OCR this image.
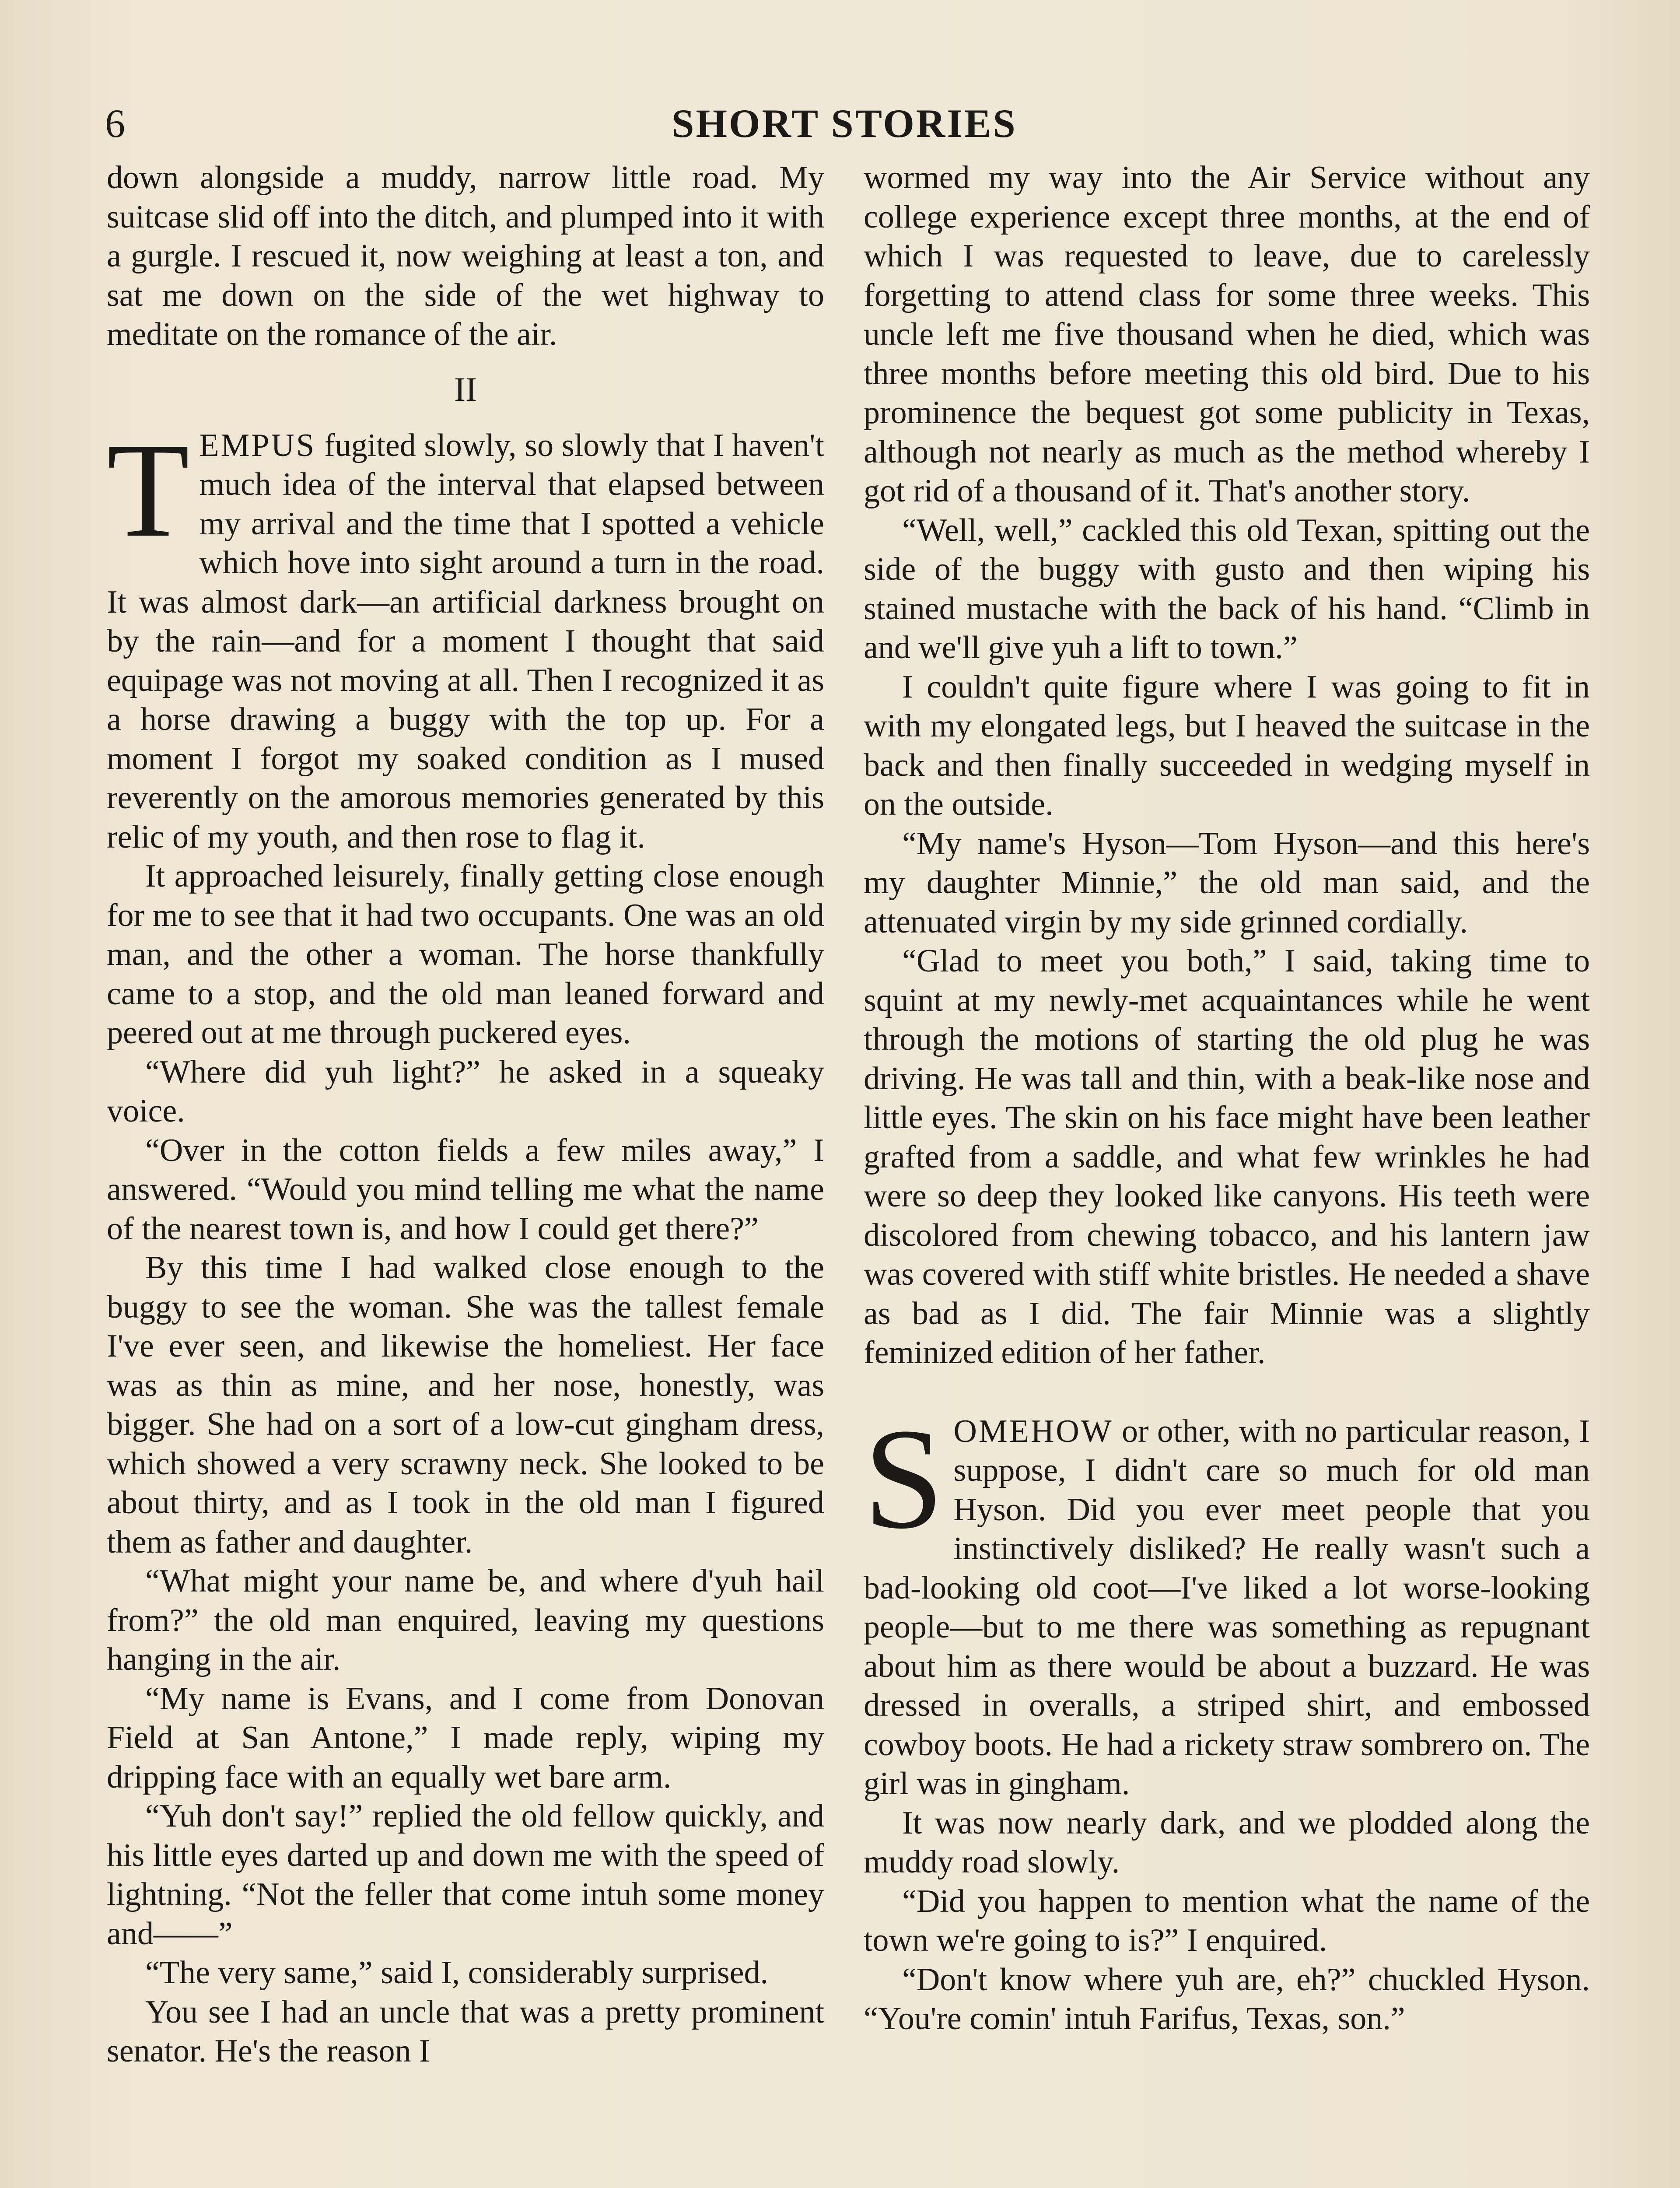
6	SHORT STORIES

down alongside a muddy, narrow little road. My suitcase slid off into the ditch, and plumped into it with a gurgle. I rescued it, now weighing at least a ton, and sat me down on the side of the wet highway to meditate on the romance of the air.

II

TEMPUS fugited slowly, so slowly that I haven't much idea of the interval that elapsed between my arrival and the time that I spotted a vehicle which hove into sight around a turn in the road. It was almost dark—an artificial darkness brought on by the rain—and for a moment I thought that said equipage was not moving at all. Then I recognized it as a horse drawing a buggy with the top up. For a moment I forgot my soaked condition as I mused reverently on the amorous memories generated by this relic of my youth, and then rose to flag it.

It approached leisurely, finally getting close enough for me to see that it had two occupants. One was an old man, and the other a woman. The horse thankfully came to a stop, and the old man leaned forward and peered out at me through puckered eyes.

“Where did yuh light?” he asked in a squeaky voice.

“Over in the cotton fields a few miles away,” I answered. “Would you mind telling me what the name of the nearest town is, and how I could get there?”

By this time I had walked close enough to the buggy to see the woman. She was the tallest female I've ever seen, and likewise the homeliest. Her face was as thin as mine, and her nose, honestly, was bigger. She had on a sort of a low-cut gingham dress, which showed a very scrawny neck. She looked to be about thirty, and as I took in the old man I figured them as father and daughter.

“What might your name be, and where d'yuh hail from?” the old man enquired, leaving my questions hanging in the air.

“My name is Evans, and I come from Donovan Field at San Antone,” I made reply, wiping my dripping face with an equally wet bare arm.

“Yuh don't say!” replied the old fellow quickly, and his little eyes darted up and down me with the speed of lightning. “Not the feller that come intuh some money and——”

“The very same,” said I, considerably surprised.

You see I had an uncle that was a pretty prominent senator. He's the reason I

wormed my way into the Air Service without any college experience except three months, at the end of which I was requested to leave, due to carelessly forgetting to attend class for some three weeks. This uncle left me five thousand when he died, which was three months before meeting this old bird. Due to his prominence the bequest got some publicity in Texas, although not nearly as much as the method whereby I got rid of a thousand of it. That's another story.

“Well, well,” cackled this old Texan, spitting out the side of the buggy with gusto and then wiping his stained mustache with the back of his hand. “Climb in and we'll give yuh a lift to town.”

I couldn't quite figure where I was going to fit in with my elongated legs, but I heaved the suitcase in the back and then finally succeeded in wedging myself in on the outside.

“My name's Hyson—Tom Hyson—and this here's my daughter Minnie,” the old man said, and the attenuated virgin by my side grinned cordially.

“Glad to meet you both,” I said, taking time to squint at my newly-met acquaintances while he went through the motions of starting the old plug he was driving. He was tall and thin, with a beak-like nose and little eyes. The skin on his face might have been leather grafted from a saddle, and what few wrinkles he had were so deep they looked like canyons. His teeth were discolored from chewing tobacco, and his lantern jaw was covered with stiff white bristles. He needed a shave as bad as I did. The fair Minnie was a slightly feminized edition of her father.

SOMEHOW or other, with no particular reason, I suppose, I didn't care so much for old man Hyson. Did you ever meet people that you instinctively disliked? He really wasn't such a bad-looking old coot—I've liked a lot worse-looking people—but to me there was something as repugnant about him as there would be about a buzzard. He was dressed in overalls, a striped shirt, and embossed cowboy boots. He had a rickety straw sombrero on. The girl was in gingham.

It was now nearly dark, and we plodded along the muddy road slowly.

“Did you happen to mention what the name of the town we're going to is?” I enquired.

“Don't know where yuh are, eh?” chuckled Hyson. “You're comin' intuh Farifus, Texas, son.”
